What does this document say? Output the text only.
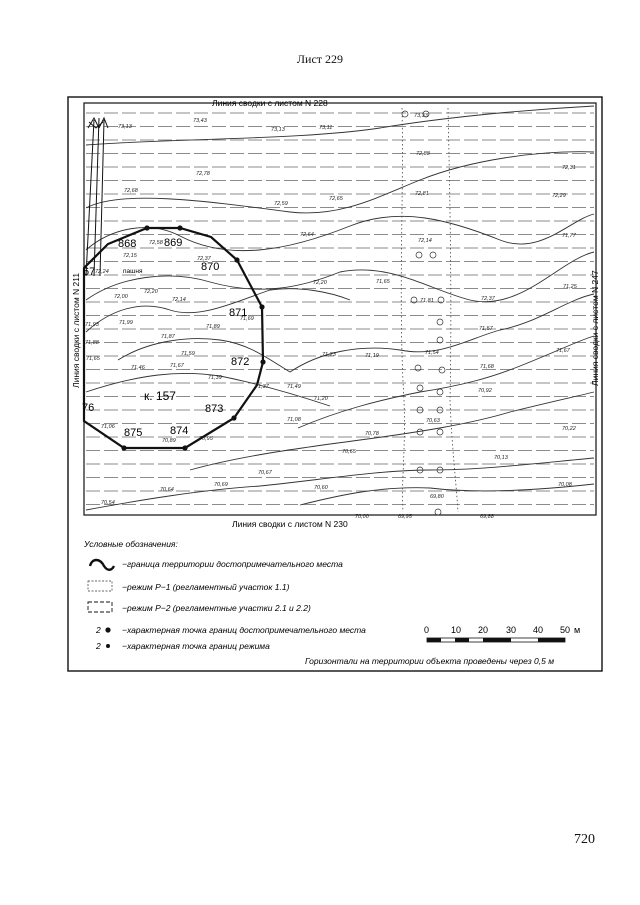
Лист 229
Линия сводки с листом N 228
Линия сводки с листом N 230
Линия сводки с листом N 211	Линия сводки с листом N 247
к. 157
пашня
868	869
870
871
872
873
874
875
76
67
73,13
73,43
73,13	73,11
73,33
72,88
72,78
72,68
72,31
72,81
72,59
72,65	72,29
72,64
72,24
72,15
72,58
72,37
72,14
71,77
72,00
72,20
72,14
72,20	71,65
71,81
71,25
72,37
71,93	71,99
71,87
71,89
71,69
71,57
71,88
71,23	71,19	71,54
71,68
71,65
71,59
71,46	71,67
71,39
71,67
71,37	71,49
71,20
70,92
71,06
71,08	70,63
70,22
70,89
70,78
70,95
70,65
70,13
70,67
70,69	70,60
69,80
70,08
70,64
70,54
70,00	69,95	69,88
Условные обозначения:
−граница территории достопримечательного места
−режим Р−1 (регламентный участок 1.1)
−режим Р−2 (регламентные участки 2.1 и 2.2)
2	−характерная точка границ достопримечательного места
2	−характерная точка границ режима
0 10 20 30 40 50 м
Горизонтали на территории объекта проведены через 0,5 м
720
